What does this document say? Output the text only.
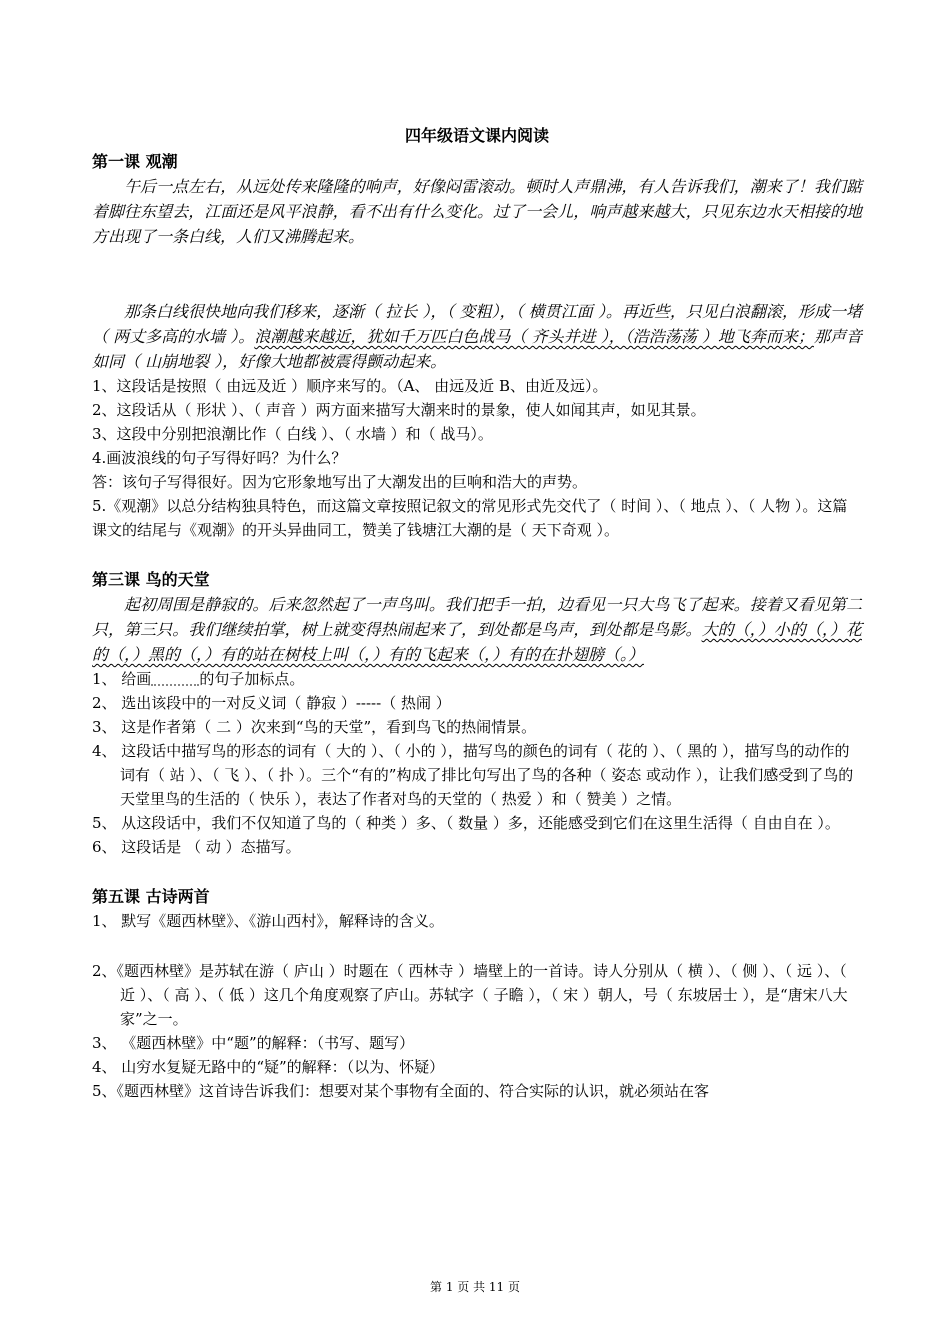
四年级语文课内阅读

第一课 观潮

午后一点左右，从远处传来隆隆的响声，好像闷雷滚动。顿时人声鼎沸，有人告诉我们，潮来了！我们踮着脚往东望去，江面还是风平浪静，看不出有什么变化。过了一会儿，响声越来越大，只见东边水天相接的地方出现了一条白线，人们又沸腾起来。

那条白线很快地向我们移来，逐渐（ 拉长 ），（ 变粗），（ 横贯江面 ）。再近些，只见白浪翻滚，形成一堵（ 两丈多高的水墙 ）。浪潮越来越近，犹如千万匹白色战马（ 齐头并进 ），（浩浩荡荡 ）地飞奔而来；那声音如同（ 山崩地裂 ），好像大地都被震得颤动起来。

1、这段话是按照（ 由远及近 ）顺序来写的。（A、 由远及近 B、由近及远）。

2、这段话从（ 形状 ）、（ 声音 ）两方面来描写大潮来时的景象，使人如闻其声，如见其景。

3、这段中分别把浪潮比作（ 白线 ）、（ 水墙 ）和（ 战马）。

4.画波浪线的句子写得好吗？为什么？

答：该句子写得很好。因为它形象地写出了大潮发出的巨响和浩大的声势。

5.《观潮》以总分结构独具特色，而这篇文章按照记叙文的常见形式先交代了（ 时间 ）、（ 地点 ）、（ 人物 ）。这篇课文的结尾与《观潮》的开头异曲同工，赞美了钱塘江大潮的是（ 天下奇观 ）。

第三课 鸟的天堂

起初周围是静寂的。后来忽然起了一声鸟叫。我们把手一拍，边看见一只大鸟飞了起来。接着又看见第二只，第三只。我们继续拍掌，树上就变得热闹起来了，到处都是鸟声，到处都是鸟影。大的（，）小的（，）花的（，）黑的（，）有的站在树枝上叫（，）有的飞起来（，）有的在扑翅膀（。）

1、 给画	的句子加标点。

2、 选出该段中的一对反义词（ 静寂 ）-----（ 热闹 ）

3、 这是作者第（ 二 ）次来到“鸟的天堂”，看到鸟飞的热闹情景。

4、 这段话中描写鸟的形态的词有（ 大的 ）、（ 小的 ），描写鸟的颜色的词有（ 花的 ）、（ 黑的 ），描写鸟的动作的词有（ 站 ）、（ 飞 ）、（ 扑 ）。三个“有的”构成了排比句写出了鸟的各种（ 姿态 或动作 ），让我们感受到了鸟的天堂里鸟的生活的（ 快乐 ），表达了作者对鸟的天堂的（ 热爱 ）和（ 赞美 ）之情。

5、 从这段话中，我们不仅知道了鸟的（ 种类 ）多、（ 数量 ）多，还能感受到它们在这里生活得（ 自由自在 ）。

6、 这段话是 （ 动 ）态描写。

第五课 古诗两首

1、 默写《题西林壁》、《游山西村》，解释诗的含义。

2、《题西林壁》是苏轼在游（ 庐山 ）时题在（ 西林寺 ）墙壁上的一首诗。诗人分别从（ 横 ）、（ 侧 ）、（ 远 ）、（ 近 ）、（ 高 ）、（ 低 ）这几个角度观察了庐山。苏轼字（ 子瞻 ），（ 宋 ）朝人，号（ 东坡居士 ），是“唐宋八大家”之一。

3、 《题西林壁》中“题”的解释：（书写、题写）

4、 山穷水复疑无路中的“疑”的解释：（以为、怀疑）

5、《题西林壁》这首诗告诉我们：想要对某个事物有全面的、符合实际的认识，就必须站在客

第 1 页 共 11 页
